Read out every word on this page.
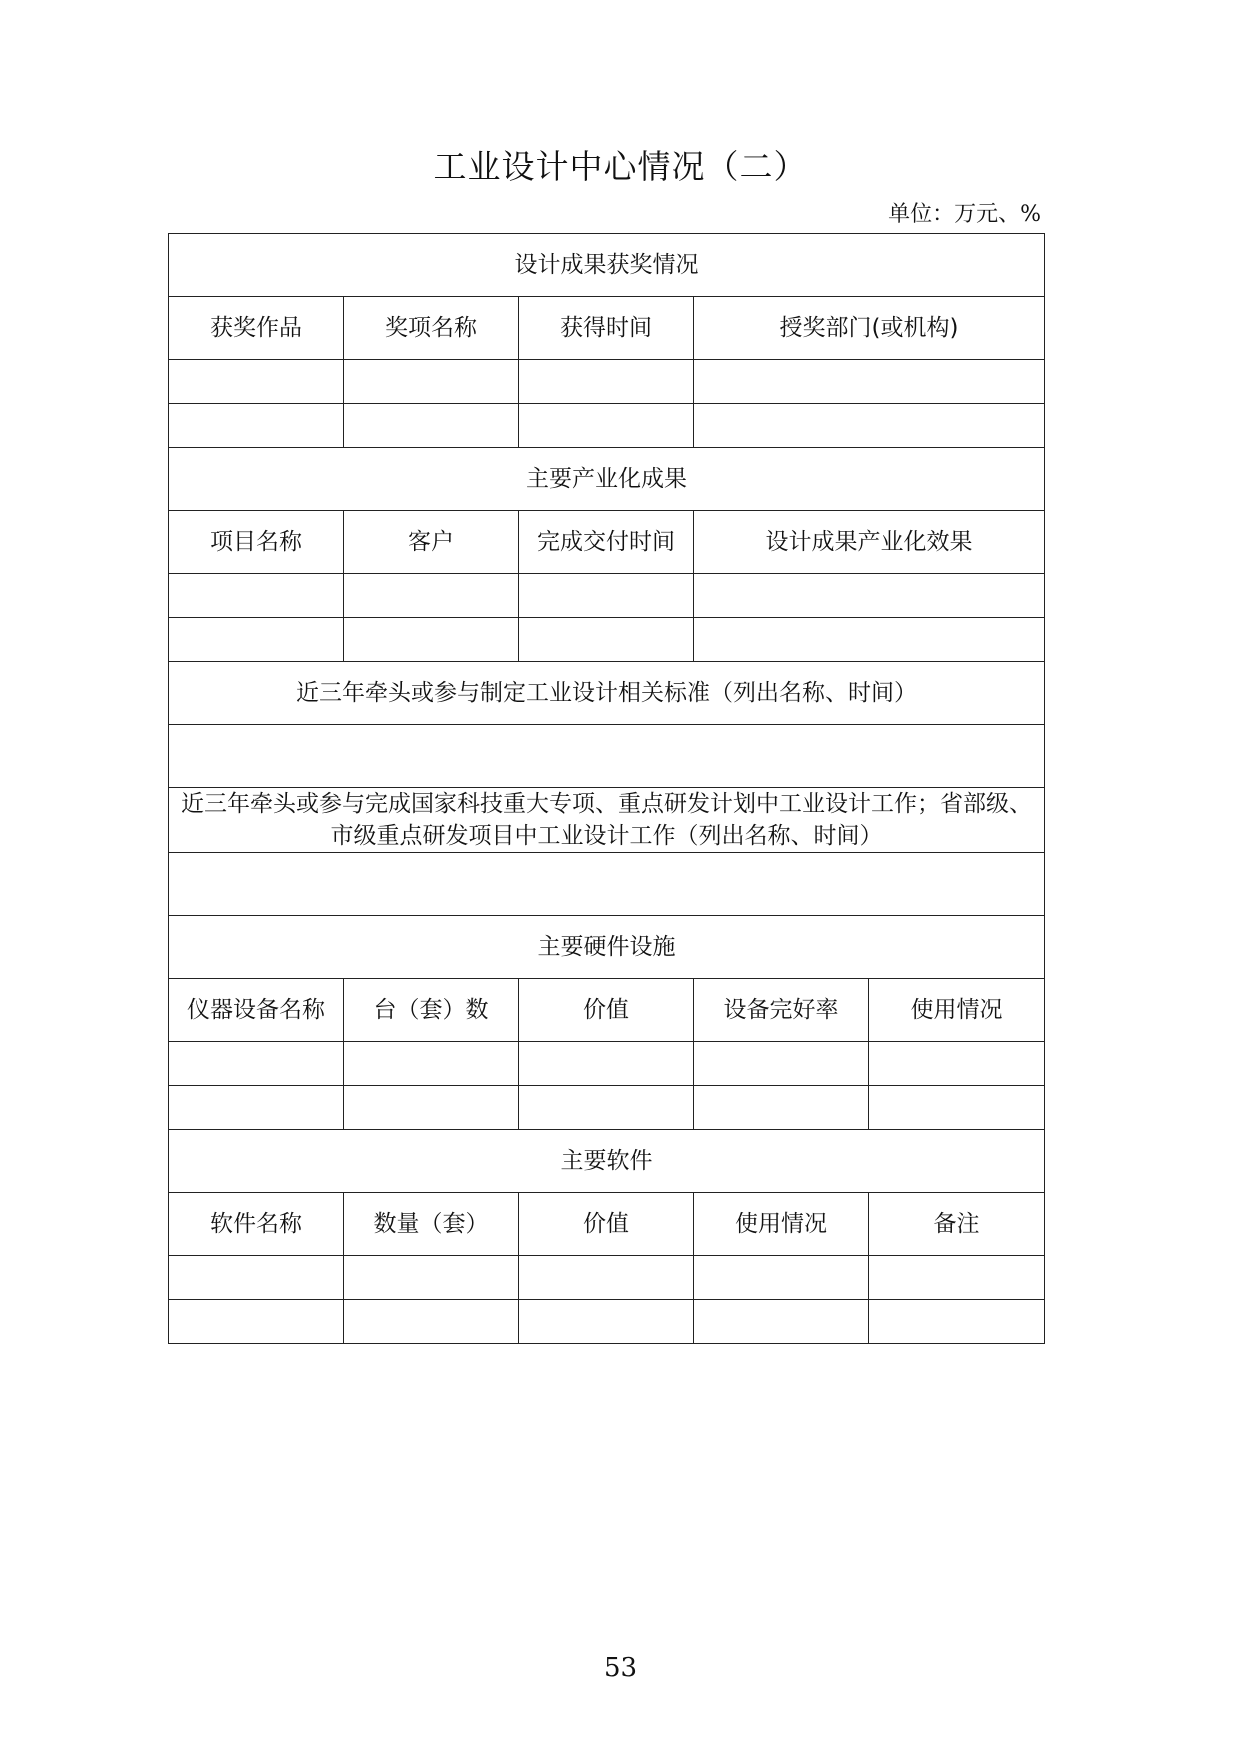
工业设计中心情况（二）
单位：万元、%
设计成果获奖情况				
获奖作品	奖项名称	获得时间	授奖部门(或机构)	

主要产业化成果				
项目名称	客户	完成交付时间	设计成果产业化效果	

近三年牵头或参与制定工业设计相关标准（列出名称、时间）				

近三年牵头或参与完成国家科技重大专项、重点研发计划中工业设计工作；省部级、市级重点研发项目中工业设计工作（列出名称、时间）				

主要硬件设施				
仪器设备名称	台（套）数	价值	设备完好率	使用情况

主要软件				
软件名称	数量（套）	价值	使用情况	备注

53
